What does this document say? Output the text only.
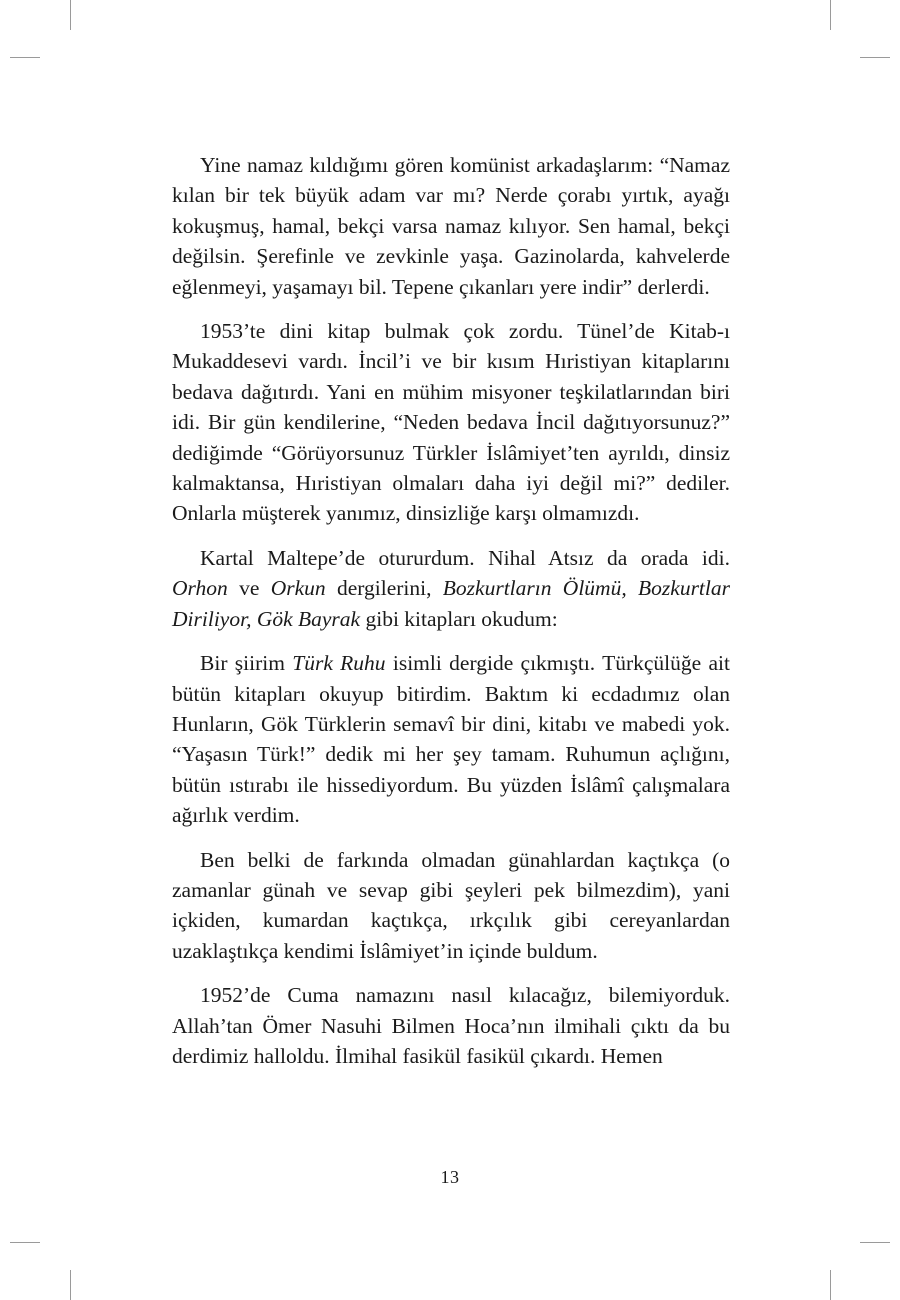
Yine namaz kıldığımı gören komünist arkadaşlarım: “Namaz kılan bir tek büyük adam var mı? Nerde çorabı yırtık, ayağı kokuşmuş, hamal, bekçi varsa namaz kılıyor. Sen hamal, bekçi değilsin. Şerefinle ve zevkinle yaşa. Gazinolarda, kahvelerde eğlenmeyi, yaşamayı bil. Tepene çıkanları yere indir” derlerdi.

1953’te dini kitap bulmak çok zordu. Tünel’de Kitab-ı Mukaddesevi vardı. İncil’i ve bir kısım Hıristiyan kitaplarını bedava dağıtırdı. Yani en mühim misyoner teşkilatlarından biri idi. Bir gün kendilerine, “Neden bedava İncil dağıtıyorsunuz?” dediğimde “Görüyorsunuz Türkler İslâmiyet’ten ayrıldı, dinsiz kalmaktansa, Hıristiyan olmaları daha iyi değil mi?” dediler. Onlarla müşterek yanımız, dinsizliğe karşı olmamızdı.

Kartal Maltepe’de otururdum. Nihal Atsız da orada idi. Orhon ve Orkun dergilerini, Bozkurtların Ölümü, Bozkurtlar Diriliyor, Gök Bayrak gibi kitapları okudum:

Bir şiirim Türk Ruhu isimli dergide çıkmıştı. Türkçülüğe ait bütün kitapları okuyup bitirdim. Baktım ki ecdadımız olan Hunların, Gök Türklerin semavî bir dini, kitabı ve mabedi yok. “Yaşasın Türk!” dedik mi her şey tamam. Ruhumun açlığını, bütün ıstırabı ile hissediyordum. Bu yüzden İslâmî çalışmalara ağırlık verdim.

Ben belki de farkında olmadan günahlardan kaçtıkça (o zamanlar günah ve sevap gibi şeyleri pek bilmezdim), yani içkiden, kumardan kaçtıkça, ırkçılık gibi cereyanlardan uzaklaştıkça kendimi İslâmiyet’in içinde buldum.

1952’de Cuma namazını nasıl kılacağız, bilemiyorduk. Allah’tan Ömer Nasuhi Bilmen Hoca’nın ilmihali çıktı da bu derdimiz halloldu. İlmihal fasikül fasikül çıkardı. Hemen

13
